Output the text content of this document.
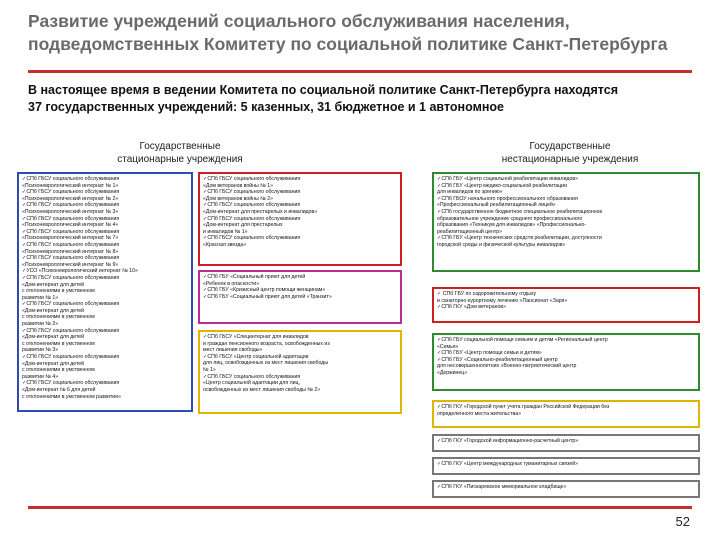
Развитие учреждений социального обслуживания населения,
подведомственных Комитету по социальной политике Санкт-Петербурга
В настоящее время в ведении Комитета по социальной политике Санкт-Петербурга находятся
37 государственных учреждений: 5 казенных, 31 бюджетное и 1 автономное
Государственные
стационарные учреждения
Государственные
нестационарные учреждения
✓СПб ГБСУ социального обслуживания
«Психоневрологический интернат № 1»
✓СПб ГБСУ социального обслуживания
«Психоневрологический интернат № 2»
✓СПб ГБСУ социального обслуживания
«Психоневрологический интернат № 3»
✓СПб ГБСУ социального обслуживания
«Психоневрологический интернат № 4»
✓СПб ГБСУ социального обслуживания
«Психоневрологический интернат № 7»
✓СПб ГБСУ социального обслуживания
«Психоневрологический интернат № 8»
✓СПб ГБСУ социального обслуживания
«Психоневрологический интернат № 9»
✓УСО «Психоневрологический интернат № 10»
✓СПб ГБСУ социального обслуживания
«Дом-интернат для детей
с отклонениями в умственном
развитии № 1»
✓СПб ГБСУ социального обслуживания
«Дом-интернат для детей
с отклонениями в умственном
развитии № 2»
✓СПб ГБСУ социального обслуживания
«Дом-интернат для детей
с отклонениями в умственном
развитии № 3»
✓СПб ГБСУ социального обслуживания
«Дом-интернат для детей
с отклонениями в умственном
развитии № 4»
✓СПб ГБСУ социального обслуживания
«Дом-интернат № 6 для детей
с отклонениями в умственном развитии»
✓СПб ГБСУ социального обслуживания
«Дом ветеранов войны № 1»
✓СПб ГБСУ социального обслуживания
«Дом ветеранов войны № 2»
✓СПб ГБСУ социального обслуживания
«Дом-интернат для престарелых и инвалидов»
✓СПб ГБСУ социального обслуживания
«Дом-интернат для престарелых
и инвалидов № 1»
✓СПб ГБСУ социального обслуживания
«Красная звезда»
✓СПб ГБУ «Социальный приют для детей
«Ребенок в опасности»
✓СПб ГБУ «Кризисный центр помощи женщинам»
✓СПб ГБУ «Социальный приют для детей «Транзит»
✓СПб ГБСУ «Специнтернат для инвалидов
и граждан пенсионного возраста, освобожденных из
мест лишения свободы»
✓СПб ГБСУ «Центр социальной адаптации
для лиц, освобожденных из мест лишения свободы
№ 1»
✓СПб ГБСУ социального обслуживания
«Центр социальной адаптации для лиц,
освобожденных из мест лишения свободы № 2»
✓СПб ГБУ «Центр социальной реабилитации инвалидов»
✓СПб ГБУ «Центр медико-социальной реабилитации
для инвалидов по зрению»
✓СПб ГБОУ начального профессионального образования
«Профессиональный реабилитационный лицей»
✓СПб государственное бюджетное специальное реабилитационное
образовательное учреждение среднего профессионального
образования «Техникум для инвалидов» «Профессионально-
реабилитационный центр»
✓СПб ГБУ «Центр технических средств реабилитации, доступности
городской среды и физической культуры инвалидов»
✓ СПб ГБУ по оздоровительному отдыху
и санаторно-курортному лечению «Пансионат «Заря»
✓СПб ГКУ «Дом ветеранов»
✓СПб ГБУ социальной помощи семьям и детям «Региональный центр
«Семья»
✓СПб ГБУ «Центр помощи семьи и детям»
✓СПб ГБУ «Социально-реабилитационный центр
для несовершеннолетних «Военно-патриотический центр
«Держинец»
✓СПб ГКУ «Городской пункт учета граждан Российской Федерации без
определенного места жительства»
✓СПб ГКУ «Городской информационно-расчетный центр»
✓СПб ГКУ «Центр международных гуманитарных связей»
✓СПб ГКУ «Пискаревское мемориальное кладбище»
52
